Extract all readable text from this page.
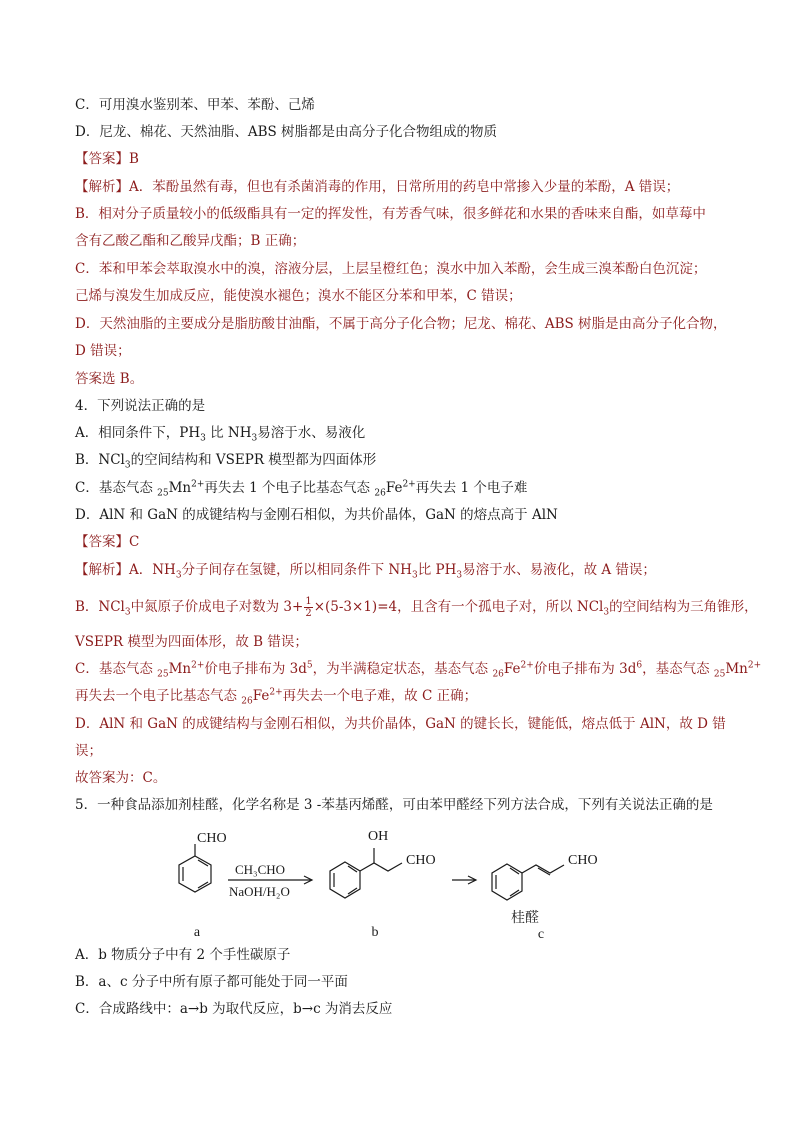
C．可用溴水鉴别苯、甲苯、苯酚、己烯
D．尼龙、棉花、天然油脂、ABS 树脂都是由高分子化合物组成的物质
【答案】B
【解析】A．苯酚虽然有毒，但也有杀菌消毒的作用，日常所用的药皂中常掺入少量的苯酚，A 错误；
B．相对分子质量较小的低级酯具有一定的挥发性，有芳香气味，很多鲜花和水果的香味来自酯，如草莓中
含有乙酸乙酯和乙酸异戊酯；B 正确；
C．苯和甲苯会萃取溴水中的溴，溶液分层，上层呈橙红色；溴水中加入苯酚，会生成三溴苯酚白色沉淀；
己烯与溴发生加成反应，能使溴水褪色；溴水不能区分苯和甲苯，C 错误；
D．天然油脂的主要成分是脂肪酸甘油酯，不属于高分子化合物；尼龙、棉花、ABS 树脂是由高分子化合物，
D 错误；
答案选 B。
4．下列说法正确的是
A．相同条件下，$PH_3$ 比 $NH_3$易溶于水、易液化
B．NCl$_3$的空间结构和 VSEPR 模型都为四面体形
C．基态气态 $_{25}Mn^{2+}$再失去 1 个电子比基态气态 $_{26}Fe^{2+}$再失去 1 个电子难
D．AlN 和 GaN 的成键结构与金刚石相似，为共价晶体，GaN 的熔点高于 AlN
【答案】C
【解析】A．$NH_3$分子间存在氢键，所以相同条件下 $NH_3$比 $PH_3$易溶于水、易液化，故 A 错误；
B．NCl$_3$中氮原子价成电子对数为 $3+ \frac{1}{2} \times(5-3\times 1)=4$，且含有一个孤电子对，所以 NCl$_3$的空间结构为三角锥形，
VSEPR 模型为四面体形，故 B 错误；
C．基态气态 $_{25}Mn^{2+}$价电子排布为 $3d^5$，为半满稳定状态，基态气态 $_{26}Fe^{2+}$价电子排布为 $3d^6$，基态气态 $_{25}Mn^{2+}$
再失去一个电子比基态气态 $_{26}Fe^{2+}$再失去一个电子难，故 C 正确；
D．AlN 和 GaN 的成键结构与金刚石相似，为共价晶体，GaN 的键长长，键能低，熔点低于 AlN，故 D 错
误；
故答案为：C。
5．一种食品添加剂桂醛，化学名称是 3 -苯基丙烯醛，可由苯甲醛经下列方法合成，下列有关说法正确的是
CHO
CH₃CHO
NaOH/H₂O
OH
CHO	CHO
桂醛
a	b	c
A．b 物质分子中有 2 个手性碳原子
B．a、c 分子中所有原子都可能处于同一平面
C．合成路线中：a→b 为取代反应，b→c 为消去反应
